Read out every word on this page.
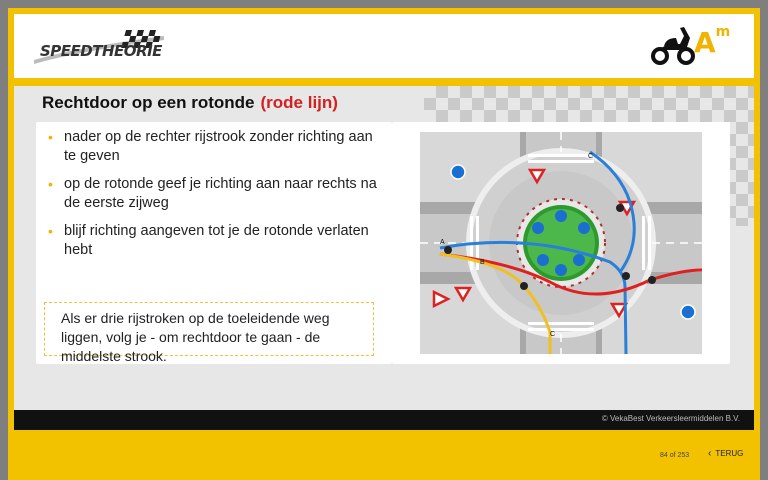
SPEEDTHEORIE	$A^m$
Rechtdoor op een rotonde (rode lijn)
• nader op de rechter rijstrook zonder richting aan te geven
• op de rotonde geef je richting aan naar rechts na de eerste zijweg
• blijf richting aangeven tot je de rotonde verlaten hebt
Als er drie rijstroken op de toeleidende weg liggen, volg je - om rechtdoor te gaan - de middelste strook.
A
B
C
C
© VekaBest Verkeersleermiddelen B.V.
84 of 253 ‹ TERUG
